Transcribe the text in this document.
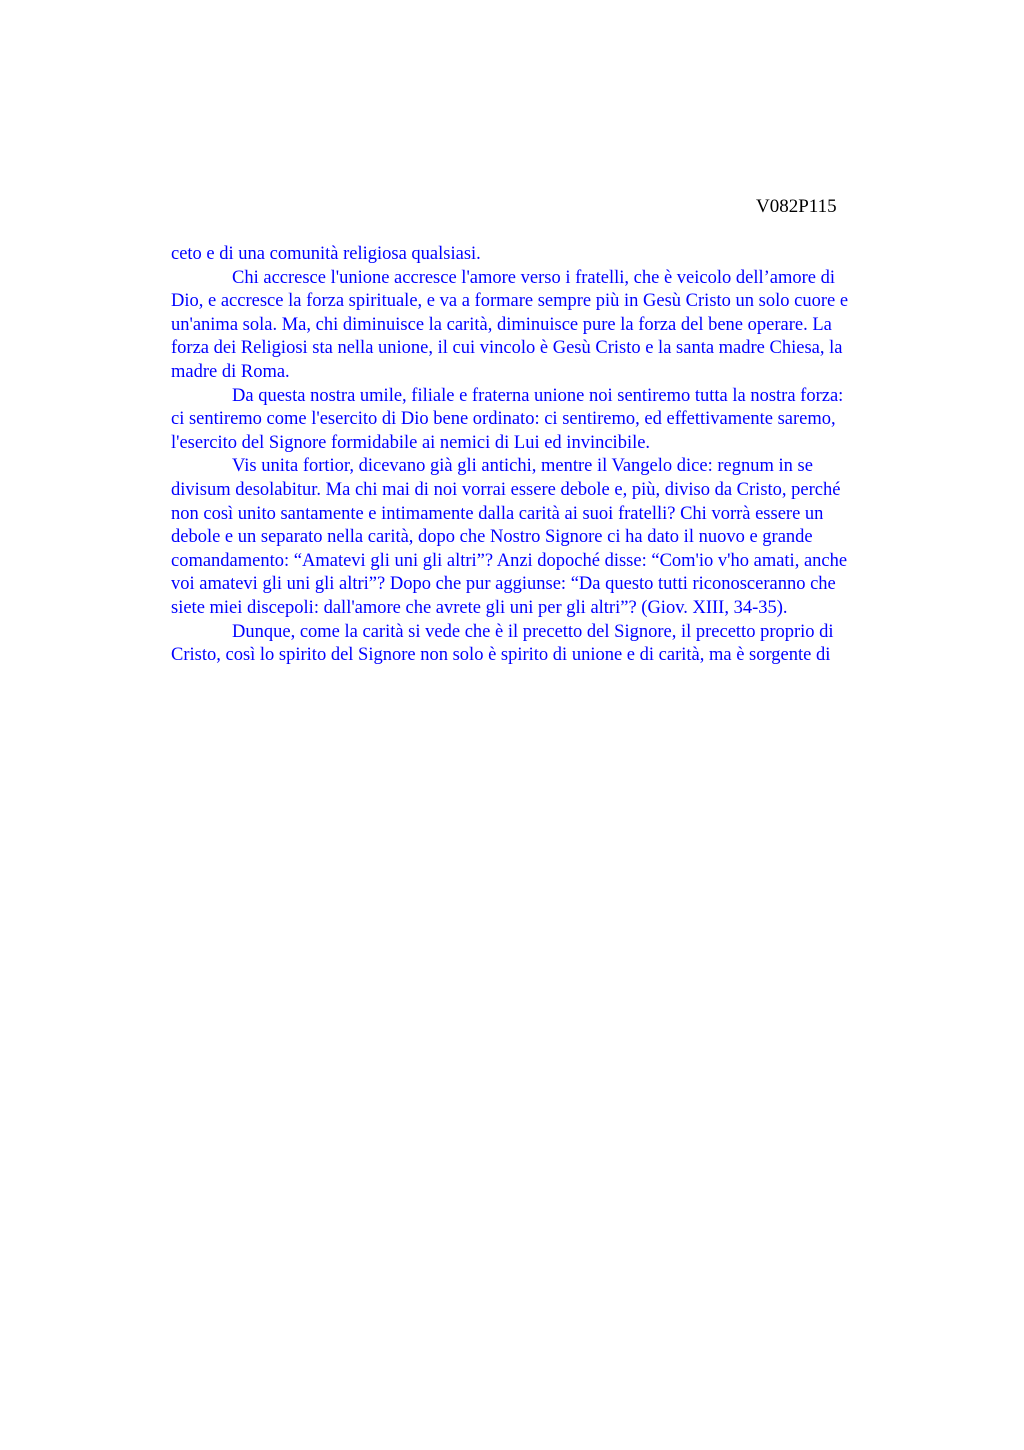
V082P115

ceto e di una comunità religiosa qualsiasi.

Chi accresce l'unione accresce l'amore verso i fratelli, che è veicolo dell’amore di
Dio, e accresce la forza spirituale, e va a formare sempre più in Gesù Cristo un solo cuore e
un'anima sola. Ma, chi diminuisce la carità, diminuisce pure la forza del bene operare. La
forza dei Religiosi sta nella unione, il cui vincolo è Gesù Cristo e la santa madre Chiesa, la
madre di Roma.

Da questa nostra umile, filiale e fraterna unione noi sentiremo tutta la nostra forza:
ci sentiremo come l'esercito di Dio bene ordinato: ci sentiremo, ed effettivamente saremo,
l'esercito del Signore formidabile ai nemici di Lui ed invincibile.

Vis unita fortior, dicevano già gli antichi, mentre il Vangelo dice: regnum in se
divisum desolabitur. Ma chi mai di noi vorrai essere debole e, più, diviso da Cristo, perché
non così unito santamente e intimamente dalla carità ai suoi fratelli? Chi vorrà essere un
debole e un separato nella carità, dopo che Nostro Signore ci ha dato il nuovo e grande
comandamento: “Amatevi gli uni gli altri”? Anzi dopoché disse: “Com'io v'ho amati, anche
voi amatevi gli uni gli altri”? Dopo che pur aggiunse: “Da questo tutti riconosceranno che
siete miei discepoli: dall'amore che avrete gli uni per gli altri”? (Giov. XIII, 34-35).

Dunque, come la carità si vede che è il precetto del Signore, il precetto proprio di
Cristo, così lo spirito del Signore non solo è spirito di unione e di carità, ma è sorgente di
